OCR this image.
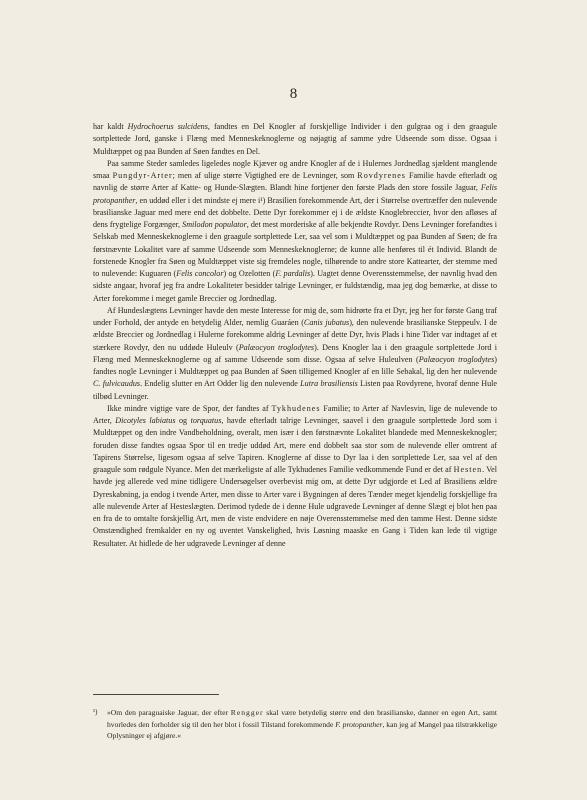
8

har kaldt Hydrochoerus sulcidens, fandtes en Del Knogler af forskjellige Individer i den gulgraa og i den graagule sortplettede Jord, ganske i Flæng med Menneskeknoglerne og nøjagtig af samme ydre Udseende som disse. Ogsaa i Muldtæppet og paa Bunden af Søen fandtes en Del.

Paa samme Steder samledes ligeledes nogle Kjæver og andre Knogler af de i Hulernes Jordnedlag sjældent manglende smaa Pungdyr-Arter; men af ulige større Vigtighed ere de Levninger, som Rovdyrenes Familie havde efterladt og navnlig de større Arter af Katte- og Hunde-Slægten. Blandt hine fortjener den første Plads den store fossile Jaguar, Felis protopanther, en uddød eller i det mindste ej mere i¹) Brasilien forekommende Art, der i Størrelse overtræffer den nulevende brasilianske Jaguar med mere end det dobbelte. Dette Dyr forekommer ej i de ældste Knoglebreccier, hvor den afløses af dens frygtelige Forgænger, Smilodon populator, det mest morderiske af alle bekjendte Rovdyr. Dens Levninger forefandtes i Selskab med Menneskeknoglerne i den graagule sortplettede Ler, saa vel som i Muldtæppet og paa Bunden af Søen; de fra førstnævnte Lokalitet vare af samme Udseende som Menneskeknoglerne; de kunne alle henføres til ét Individ. Blandt de forstenede Knogler fra Søen og Muldtæppet viste sig fremdeles nogle, tilhørende to andre store Kattearter, der stemme med to nulevende: Kuguaren (Felis concolor) og Ozelotten (F. pardalis). Uagtet denne Overensstemmelse, der navnlig hvad den sidste angaar, hvoraf jeg fra andre Lokaliteter besidder talrige Levninger, er fuldstændig, maa jeg dog bemærke, at disse to Arter forekomme i meget gamle Breccier og Jordnedlag.

Af Hundeslægtens Levninger havde den meste Interesse for mig de, som hidrørte fra et Dyr, jeg her for første Gang traf under Forhold, der antyde en betydelig Alder, nemlig Guaráen (Canis jubatus), den nulevende brasilianske Steppeulv. I de ældste Breccier og Jordnedlag i Hulerne forekomme aldrig Levninger af dette Dyr, hvis Plads i hine Tider var indtaget af et stærkere Rovdyr, den nu uddøde Huleulv (Palæocyon troglodytes). Dens Knogler laa i den graagule sortplettede Jord i Flæng med Menneskeknoglerne og af samme Udseende som disse. Ogsaa af selve Huleulven (Palæocyon troglodytes) fandtes nogle Levninger i Muldtæppet og paa Bunden af Søen tilligemed Knogler af en lille Sebakal, lig den her nulevende C. fulvicaudus. Endelig slutter en Art Odder lig den nulevende Lutra brasiliensis Listen paa Rovdyrene, hvoraf denne Hule tilbød Levninger.

Ikke mindre vigtige vare de Spor, der fandtes af Tykhudenes Familie; to Arter af Navlesvin, lige de nulevende to Arter, Dicotyles labiatus og torquatus, havde efterladt talrige Levninger, saavel i den graagule sortplettede Jord som i Muldtæppet og den indre Vandbeholdning, overalt, men især i den førstnævnte Lokalitet blandede med Menneskeknogler; foruden disse fandtes ogsaa Spor til en tredje uddød Art, mere end dobbelt saa stor som de nulevende eller omtrent af Tapirens Størrelse, ligesom ogsaa af selve Tapiren. Knoglerne af disse to Dyr laa i den sortplettede Ler, saa vel af den graagule som rødgule Nyance. Men det mærkeligste af alle Tykhudenes Familie vedkommende Fund er det af Hesten. Vel havde jeg allerede ved mine tidligere Undersøgelser overbevist mig om, at dette Dyr udgjorde et Led af Brasiliens ældre Dyreskabning, ja endog i tvende Arter, men disse to Arter vare i Bygningen af deres Tænder meget kjendelig forskjellige fra alle nulevende Arter af Hesteslægten. Derimod tydede de i denne Hule udgravede Levninger af denne Slægt ej blot hen paa en fra de to omtalte forskjellig Art, men de viste endvidere en nøje Overensstemmelse med den tamme Hest. Denne sidste Omstændighed fremkalder en ny og uventet Vanskelighed, hvis Løsning maaske en Gang i Tiden kan lede til vigtige Resultater. At hidlede de her udgravede Levninger af denne

¹)	»Om den paraguaiske Jaguar, der efter Rengger skal være betydelig større end den brasilianske, danner en egen Art, samt hvorledes den forholder sig til den her blot i fossil Tilstand forekommende F. protopanther, kan jeg af Mangel paa tilstrækkelige Oplysninger ej afgjøre.«
